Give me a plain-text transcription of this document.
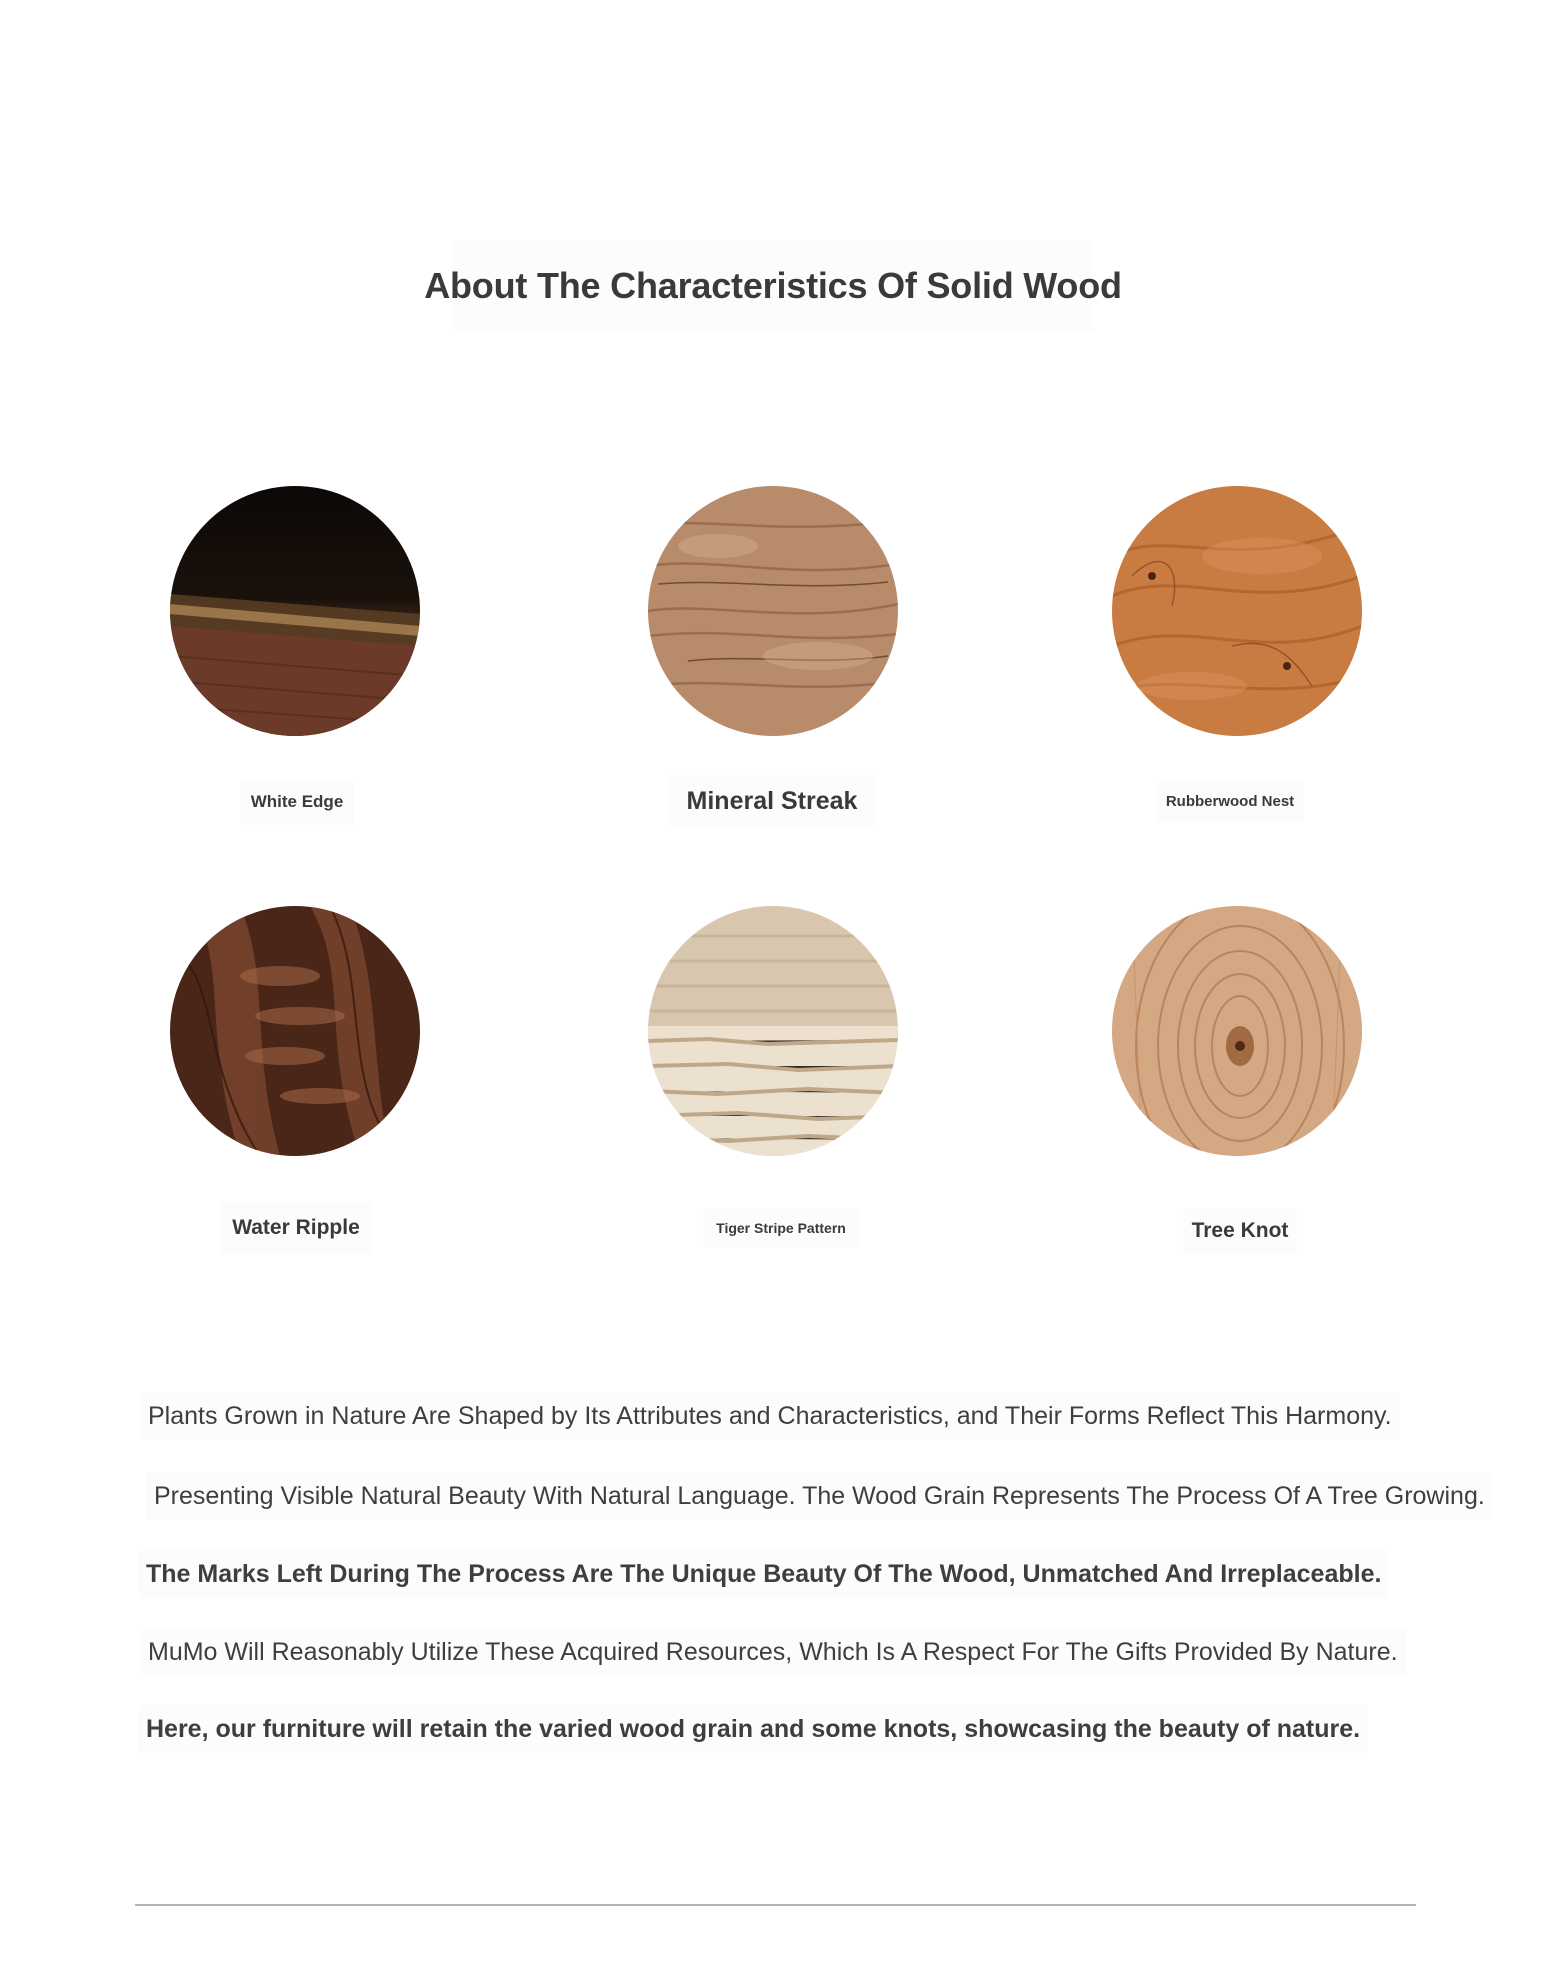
About The Characteristics Of Solid Wood
White Edge	Mineral Streak	Rubberwood Nest
Water Ripple	Tiger Stripe Pattern	Tree Knot
Plants Grown in Nature Are Shaped by Its Attributes and Characteristics, and Their Forms Reflect This Harmony.
Presenting Visible Natural Beauty With Natural Language. The Wood Grain Represents The Process Of A Tree Growing.
The Marks Left During The Process Are The Unique Beauty Of The Wood, Unmatched And Irreplaceable.
MuMo Will Reasonably Utilize These Acquired Resources, Which Is A Respect For The Gifts Provided By Nature.
Here, our furniture will retain the varied wood grain and some knots, showcasing the beauty of nature.
